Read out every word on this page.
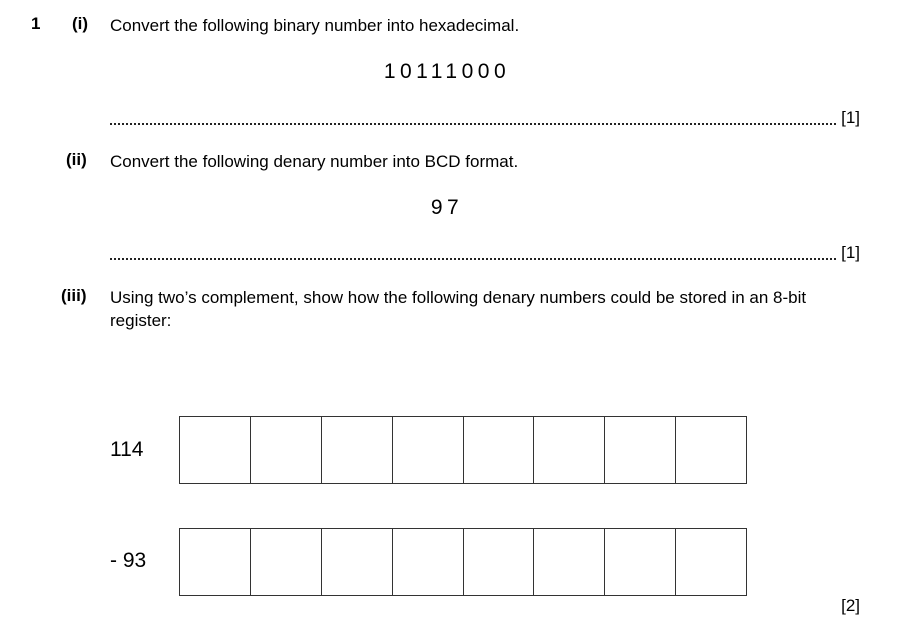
1 (i) Convert the following binary number into hexadecimal.
10111000
[1]
(ii) Convert the following denary number into BCD format.
97
[1]
(iii) Using two’s complement, show how the following denary numbers could be stored in an 8-bit
register:
114
- 93
[2]
